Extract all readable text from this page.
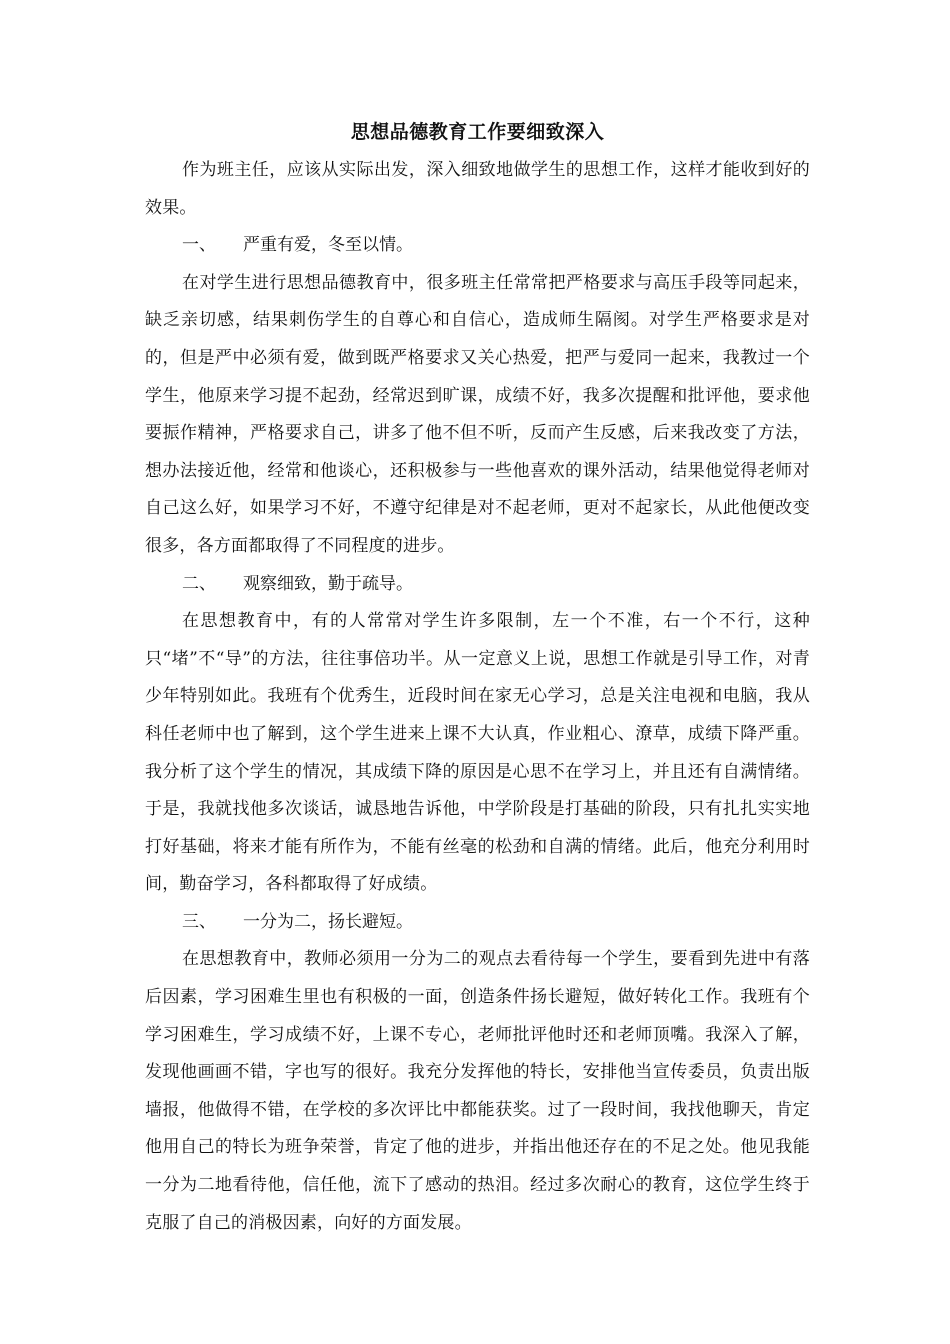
思想品德教育工作要细致深入

作为班主任，应该从实际出发，深入细致地做学生的思想工作，这样才能收到好的效果。

一、 严重有爱，冬至以情。

在对学生进行思想品德教育中，很多班主任常常把严格要求与高压手段等同起来，缺乏亲切感，结果刺伤学生的自尊心和自信心，造成师生隔阂。对学生严格要求是对的，但是严中必须有爱，做到既严格要求又关心热爱，把严与爱同一起来，我教过一个学生，他原来学习提不起劲，经常迟到旷课，成绩不好，我多次提醒和批评他，要求他要振作精神，严格要求自己，讲多了他不但不听，反而产生反感，后来我改变了方法，想办法接近他，经常和他谈心，还积极参与一些他喜欢的课外活动，结果他觉得老师对自己这么好，如果学习不好，不遵守纪律是对不起老师，更对不起家长，从此他便改变很多，各方面都取得了不同程度的进步。

二、 观察细致，勤于疏导。

在思想教育中，有的人常常对学生许多限制，左一个不准，右一个不行，这种只“堵”不“导”的方法，往往事倍功半。从一定意义上说，思想工作就是引导工作，对青少年特别如此。我班有个优秀生，近段时间在家无心学习，总是关注电视和电脑，我从科任老师中也了解到，这个学生进来上课不大认真，作业粗心、潦草，成绩下降严重。我分析了这个学生的情况，其成绩下降的原因是心思不在学习上，并且还有自满情绪。于是，我就找他多次谈话，诚恳地告诉他，中学阶段是打基础的阶段，只有扎扎实实地打好基础，将来才能有所作为，不能有丝毫的松劲和自满的情绪。此后，他充分利用时间，勤奋学习，各科都取得了好成绩。

三、 一分为二，扬长避短。

在思想教育中，教师必须用一分为二的观点去看待每一个学生，要看到先进中有落后因素，学习困难生里也有积极的一面，创造条件扬长避短，做好转化工作。我班有个学习困难生，学习成绩不好，上课不专心，老师批评他时还和老师顶嘴。我深入了解，发现他画画不错，字也写的很好。我充分发挥他的特长，安排他当宣传委员，负责出版墙报，他做得不错，在学校的多次评比中都能获奖。过了一段时间，我找他聊天，肯定他用自己的特长为班争荣誉，肯定了他的进步，并指出他还存在的不足之处。他见我能一分为二地看待他，信任他，流下了感动的热泪。经过多次耐心的教育，这位学生终于克服了自己的消极因素，向好的方面发展。
